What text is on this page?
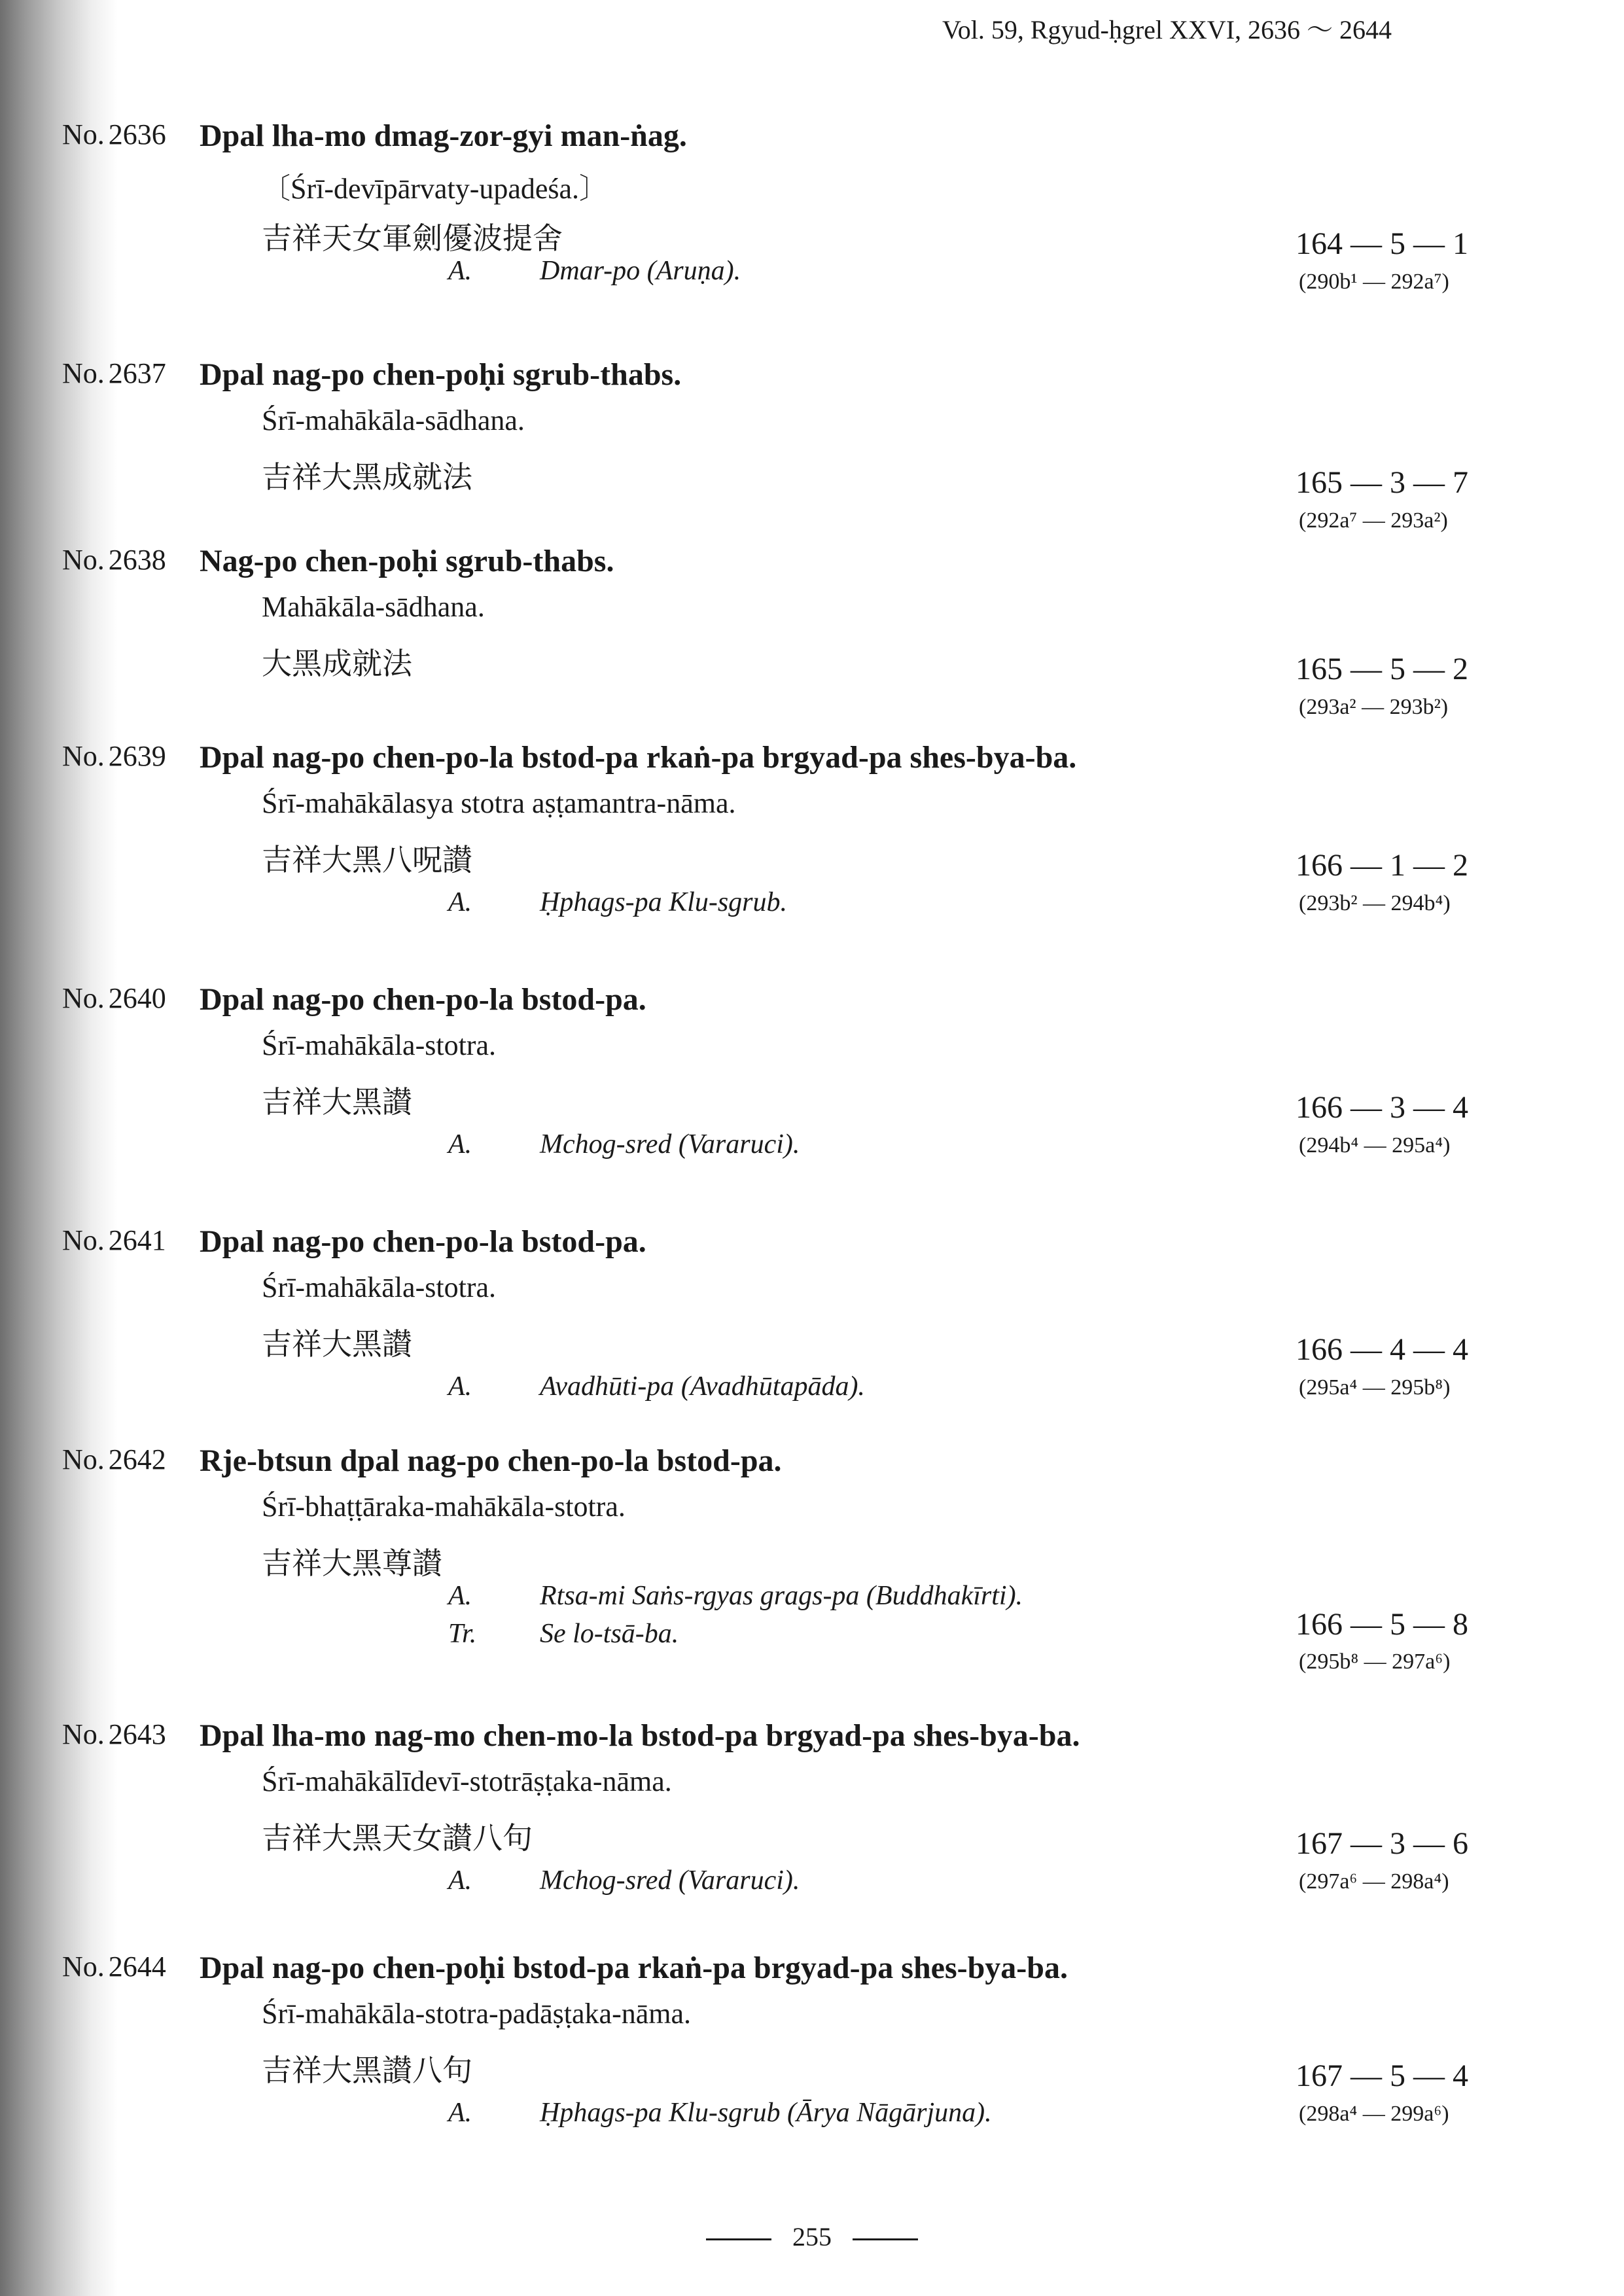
Vol. 59, Rgyud-ḥgrel XXVI, 2636 ～ 2644
No. 2636 Dpal lha-mo dmag-zor-gyi man-ṅag.
〔Śrī-devīpārvaty-upadeśa.〕
吉祥天女軍劍優波提舍	164 — 5 — 1
(290b¹ — 292a⁷)
A. Dmar-po (Aruṇa).
No. 2637 Dpal nag-po chen-poḥi sgrub-thabs.
Śrī-mahākāla-sādhana.
吉祥大黑成就法	165 — 3 — 7
(292a⁷ — 293a²)
No. 2638 Nag-po chen-poḥi sgrub-thabs.
Mahākāla-sādhana.
大黑成就法	165 — 5 — 2
(293a² — 293b²)
No. 2639 Dpal nag-po chen-po-la bstod-pa rkaṅ-pa brgyad-pa shes-bya-ba.
Śrī-mahākālasya stotra aṣṭamantra-nāma.
吉祥大黑八呪讃	166 — 1 — 2
(293b² — 294b⁴)
A. Ḥphags-pa Klu-sgrub.
No. 2640 Dpal nag-po chen-po-la bstod-pa.
Śrī-mahākāla-stotra.
吉祥大黑讃	166 — 3 — 4
(294b⁴ — 295a⁴)
A. Mchog-sred (Vararuci).
No. 2641 Dpal nag-po chen-po-la bstod-pa.
Śrī-mahākāla-stotra.
吉祥大黑讃	166 — 4 — 4
(295a⁴ — 295b⁸)
A. Avadhūti-pa (Avadhūtapāda).
No. 2642 Rje-btsun dpal nag-po chen-po-la bstod-pa.
Śrī-bhaṭṭāraka-mahākāla-stotra.
吉祥大黑尊讃
166 — 5 — 8
(295b⁸ — 297a⁶)
A. Rtsa-mi Saṅs-rgyas grags-pa (Buddhakīrti).
Tr. Se lo-tsā-ba.
No. 2643 Dpal lha-mo nag-mo chen-mo-la bstod-pa brgyad-pa shes-bya-ba.
Śrī-mahākālīdevī-stotrāṣṭaka-nāma.
吉祥大黑天女讃八句	167 — 3 — 6
(297a⁶ — 298a⁴)
A. Mchog-sred (Vararuci).
No. 2644 Dpal nag-po chen-poḥi bstod-pa rkaṅ-pa brgyad-pa shes-bya-ba.
Śrī-mahākāla-stotra-padāṣṭaka-nāma.
吉祥大黑讃八句	167 — 5 — 4
(298a⁴ — 299a⁶)
A. Ḥphags-pa Klu-sgrub (Ārya Nāgārjuna).
255
